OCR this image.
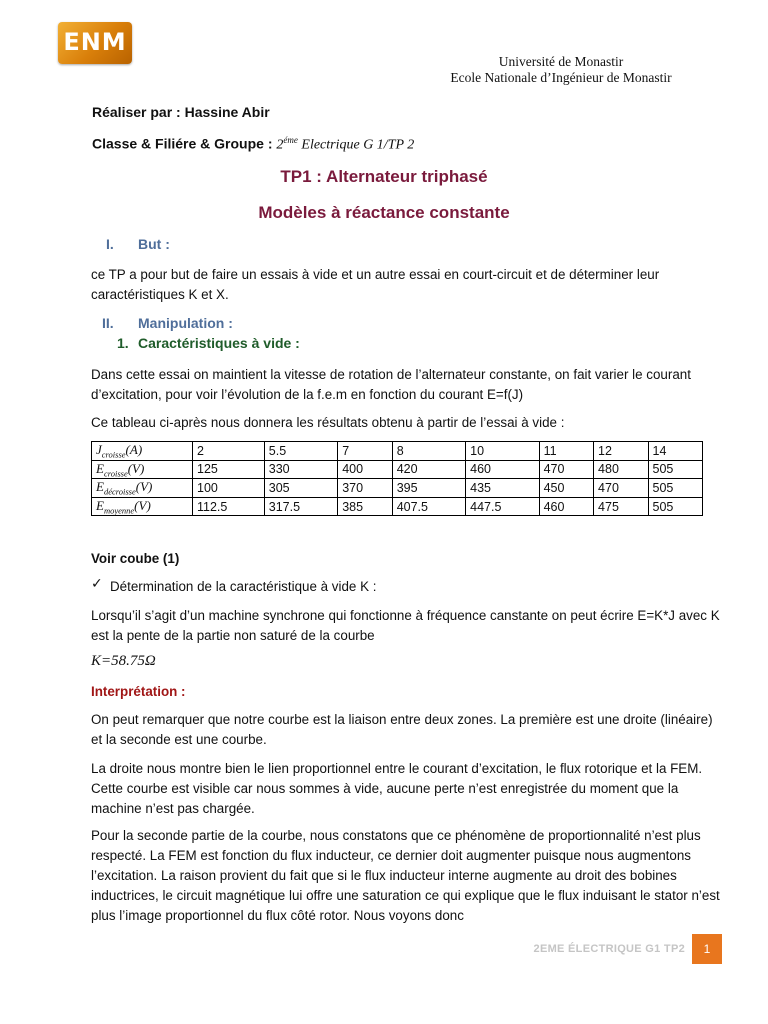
ENM
Université de Monastir
Ecole Nationale d’Ingénieur de Monastir
Réaliser par : Hassine Abir
Classe & Filiére & Groupe : $2^{éme}$ Electrique G 1/TP 2
TP1 : Alternateur triphasé
Modèles à réactance constante
I. But :
ce TP a pour but de faire un essais à vide et un autre essai en court-circuit et de déterminer leur caractéristiques K et X.
II. Manipulation :
1. Caractéristiques à vide :
Dans cette essai on maintient la vitesse de rotation de l’alternateur constante, on fait varier le courant d’excitation, pour voir l’évolution de la f.e.m en fonction du courant E=f(J)
Ce tableau ci-après nous donnera les résultats obtenu à partir de l’essai à vide :
$J_{croisse}(A)$	2	5.5	7	8	10	11	12	14
$E_{croisse}(V)$	125	330	400	420	460	470	480	505
$E_{décroisse}(V)$	100	305	370	395	435	450	470	505
$E_{moyenne}(V)$	112.5	317.5	385	407.5	447.5	460	475	505
Voir coube (1)
✓ Détermination de la caractéristique à vide K :
Lorsqu’il s’agit d’un machine synchrone qui fonctionne à fréquence canstante on peut écrire E=K*J avec K est la pente de la partie non saturé de la courbe
K=58.75Ω
Interprétation :
On peut remarquer que notre courbe est la liaison entre deux zones. La première est une droite (linéaire) et la seconde est une courbe.
La droite nous montre bien le lien proportionnel entre le courant d’excitation, le flux rotorique et la FEM. Cette courbe est visible car nous sommes à vide, aucune perte n’est enregistrée du moment que la machine n’est pas chargée.
Pour la seconde partie de la courbe, nous constatons que ce phénomène de proportionnalité n’est plus respecté. La FEM est fonction du flux inducteur, ce dernier doit augmenter puisque nous augmentons l’excitation. La raison provient du fait que si le flux inducteur interne augmente au droit des bobines inductrices, le circuit magnétique lui offre une saturation ce qui explique que le flux induisant le stator n’est plus l’image proportionnel du flux côté rotor. Nous voyons donc
2EME ÉLECTRIQUE G1 TP2	1
